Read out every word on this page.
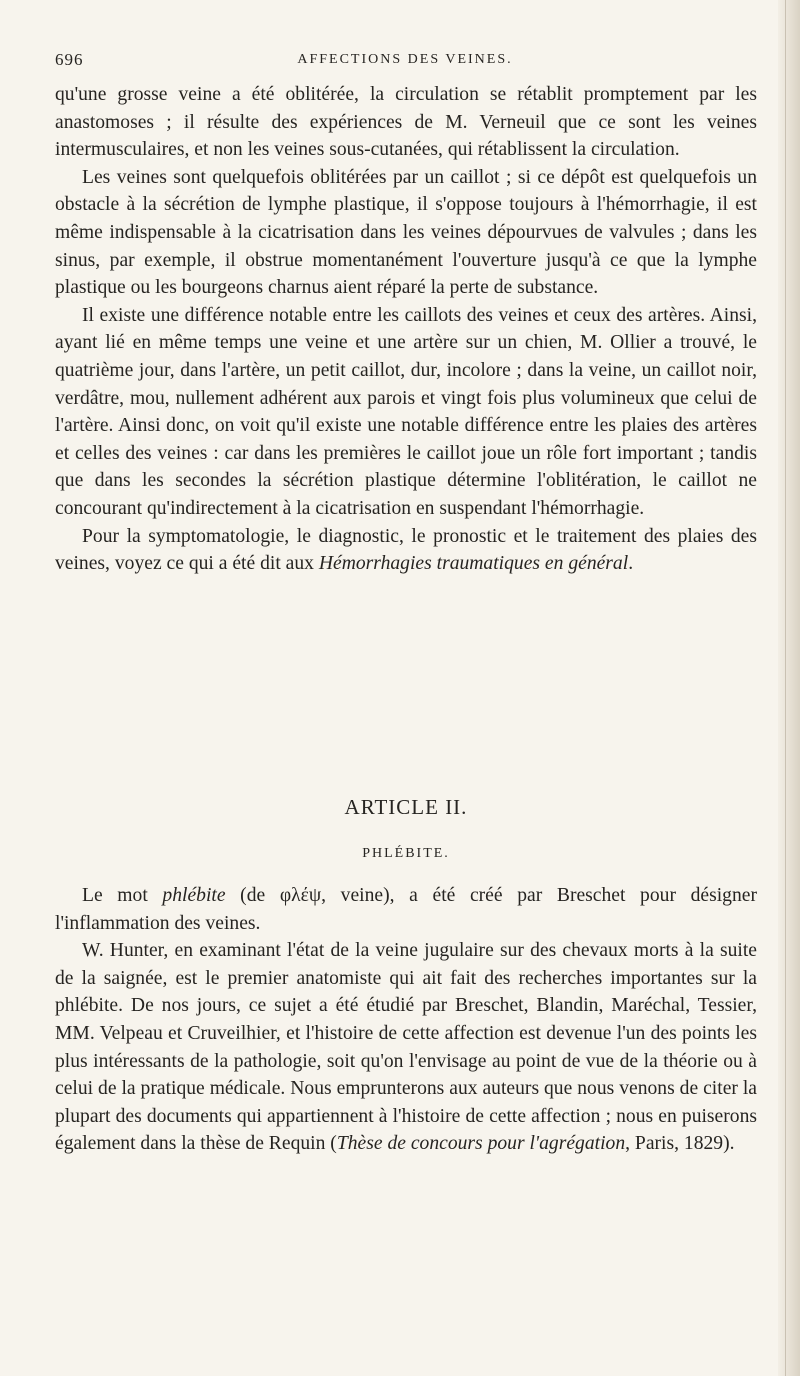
696	AFFECTIONS DES VEINES.

qu'une grosse veine a été oblitérée, la circulation se rétablit promptement par les anastomoses ; il résulte des expériences de M. Verneuil que ce sont les veines intermusculaires, et non les veines sous-cutanées, qui rétablissent la circulation.

Les veines sont quelquefois oblitérées par un caillot ; si ce dépôt est quelquefois un obstacle à la sécrétion de lymphe plastique, il s'oppose toujours à l'hémorrhagie, il est même indispensable à la cicatrisation dans les veines dépourvues de valvules ; dans les sinus, par exemple, il obstrue momentanément l'ouverture jusqu'à ce que la lymphe plastique ou les bourgeons charnus aient réparé la perte de substance.

Il existe une différence notable entre les caillots des veines et ceux des artères. Ainsi, ayant lié en même temps une veine et une artère sur un chien, M. Ollier a trouvé, le quatrième jour, dans l'artère, un petit caillot, dur, incolore ; dans la veine, un caillot noir, verdâtre, mou, nullement adhérent aux parois et vingt fois plus volumineux que celui de l'artère. Ainsi donc, on voit qu'il existe une notable différence entre les plaies des artères et celles des veines : car dans les premières le caillot joue un rôle fort important ; tandis que dans les secondes la sécrétion plastique détermine l'oblitération, le caillot ne concourant qu'indirectement à la cicatrisation en suspendant l'hémorrhagie.

Pour la symptomatologie, le diagnostic, le pronostic et le traitement des plaies des veines, voyez ce qui a été dit aux Hémorrhagies traumatiques en général.

ARTICLE II.
PHLÉBITE.

Le mot phlébite (de φλέψ, veine), a été créé par Breschet pour désigner l'inflammation des veines.

W. Hunter, en examinant l'état de la veine jugulaire sur des chevaux morts à la suite de la saignée, est le premier anatomiste qui ait fait des recherches importantes sur la phlébite. De nos jours, ce sujet a été étudié par Breschet, Blandin, Maréchal, Tessier, MM. Velpeau et Cruveilhier, et l'histoire de cette affection est devenue l'un des points les plus intéressants de la pathologie, soit qu'on l'envisage au point de vue de la théorie ou à celui de la pratique médicale. Nous emprunterons aux auteurs que nous venons de citer la plupart des documents qui appartiennent à l'histoire de cette affection ; nous en puiserons également dans la thèse de Requin (Thèse de concours pour l'agrégation, Paris, 1829).
